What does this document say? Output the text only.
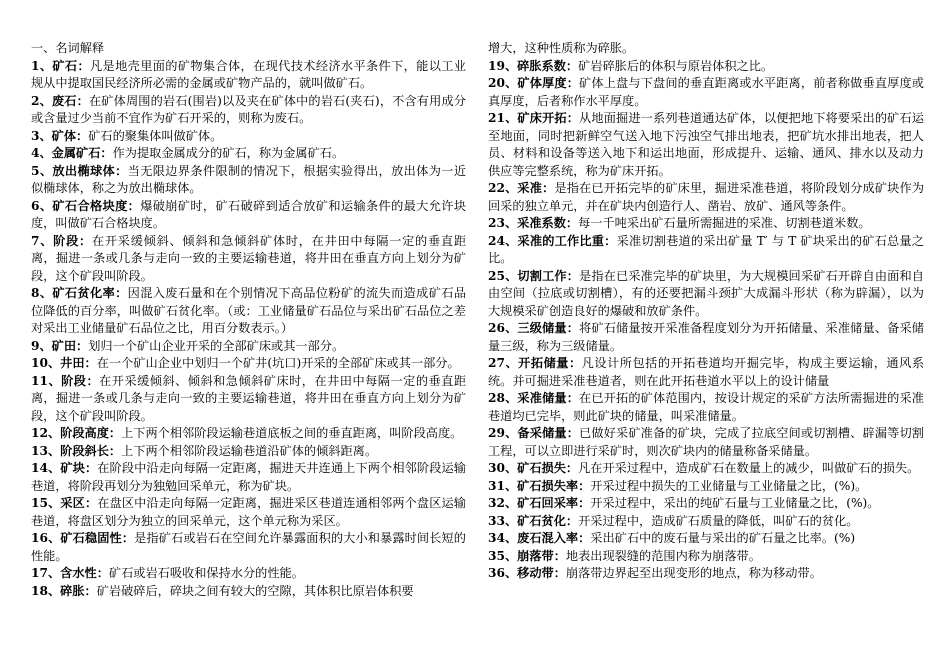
一、名词解释

1、矿石：凡是地壳里面的矿物集合体，在现代技术经济水平条件下，能以工业规从中提取国民经济所必需的金属或矿物产品的，就叫做矿石。

2、废石：在矿体周围的岩石(围岩)以及夹在矿体中的岩石(夹石)，不含有用成分或含量过少当前不宜作为矿石开采的，则称为废石。

3、矿体：矿石的聚集体叫做矿体。

4、金属矿石：作为提取金属成分的矿石，称为金属矿石。

5、放出椭球体：当无限边界条件限制的情况下，根据实验得出，放出体为一近似椭球体，称之为放出椭球体。

6、矿石合格块度：爆破崩矿时，矿石破碎到适合放矿和运输条件的最大允许块度，叫做矿石合格块度。

7、阶段：在开采缓倾斜、倾斜和急倾斜矿体时，在井田中每隔一定的垂直距离，掘进一条或几条与走向一致的主要运输巷道，将井田在垂直方向上划分为矿段，这个矿段叫阶段。

8、矿石贫化率：因混入废石量和在个别情况下高品位粉矿的流失而造成矿石品位降低的百分率，叫做矿石贫化率。（或：工业储量矿石品位与采出矿石品位之差对采出工业储量矿石品位之比，用百分数表示。）

9、矿田：划归一个矿山企业开采的全部矿床或其一部分。

10、井田：在一个矿山企业中划归一个矿井(坑口)开采的全部矿床或其一部分。

11、阶段：在开采缓倾斜、倾斜和急倾斜矿床时，在井田中每隔一定的垂直距离，掘进一条或几条与走向一致的主要运输巷道，将井田在垂直方向上划分为矿段，这个矿段叫阶段。

12、阶段高度：上下两个相邻阶段运输巷道底板之间的垂直距离，叫阶段高度。

13、阶段斜长：上下两个相邻阶段运输巷道沿矿体的倾斜距离。

14、矿块：在阶段中沿走向每隔一定距离，掘进天井连通上下两个相邻阶段运输巷道，将阶段再划分为独勉回采单元，称为矿块。

15、采区：在盘区中沿走向每隔一定距离，掘进采区巷道连通相邻两个盘区运输巷道，将盘区划分为独立的回采单元，这个单元称为采区。

16、矿石稳固性：是指矿石或岩石在空间允许暴露面积的大小和暴露时间长短的性能。

17、含水性：矿石或岩石吸收和保持水分的性能。

18、碎胀：矿岩破碎后，碎块之间有较大的空隙，其体积比原岩体积要

增大，这种性质称为碎胀。

19、碎胀系数：矿岩碎胀后的体积与原岩体积之比。

20、矿体厚度：矿体上盘与下盘间的垂直距离或水平距离，前者称做垂直厚度或真厚度，后者称作水平厚度。

21、矿床开拓：从地面掘进一系列巷道通达矿体，以便把地下将要采出的矿石运至地面，同时把新鲜空气送入地下污浊空气排出地表，把矿坑水排出地表，把人员、材料和设备等送入地下和运出地面，形成提升、运输、通风、排水以及动力供应等完整系统，称为矿床开拓。

22、采准：是指在已开拓完毕的矿床里，掘进采准巷道，将阶段划分成矿块作为回采的独立单元，并在矿块内创造行人、凿岩、放矿、通风等条件。

23、采准系数：每一千吨采出矿石量所需掘进的采准、切割巷道米数。

24、采准的工作比重：采准切割巷道的采出矿量 T′ 与 T 矿块采出的矿石总量之比。

25、切割工作：是指在已采准完毕的矿块里，为大规模回采矿石开辟自由面和自由空间（拉底或切割槽），有的还要把漏斗颈扩大成漏斗形状（称为辟漏），以为大规模采矿创造良好的爆破和放矿条件。

26、三级储量：将矿石储量按开采准备程度划分为开拓储量、采准储量、备采储量三级，称为三级储量。

27、开拓储量：凡设计所包括的开拓巷道均开掘完毕，构成主要运输，通风系统。并可掘进采准巷道者，则在此开拓巷道水平以上的设计储量

28、采准储量：在已开拓的矿体范围内，按设计规定的采矿方法所需掘进的采准巷道均已完毕，则此矿块的储量，叫采准储量。

29、备采储量：已做好采矿准备的矿块，完成了拉底空间或切割槽、辟漏等切割工程，可以立即进行采矿时，则次矿块内的储量称备采储量。

30、矿石损失：凡在开采过程中，造成矿石在数量上的减少，叫做矿石的损失。

31、矿石损失率：开采过程中损失的工业储量与工业储量之比，(%)。

32、矿石回采率：开采过程中，采出的纯矿石量与工业储量之比，(%)。

33、矿石贫化：开采过程中，造成矿石质量的降低，叫矿石的贫化。

34、废石混入率：采出矿石中的废石量与采出的矿石量之比率。(%)

35、崩落带：地表出现裂缝的范围内称为崩落带。

36、移动带：崩落带边界起至出现变形的地点，称为移动带。
